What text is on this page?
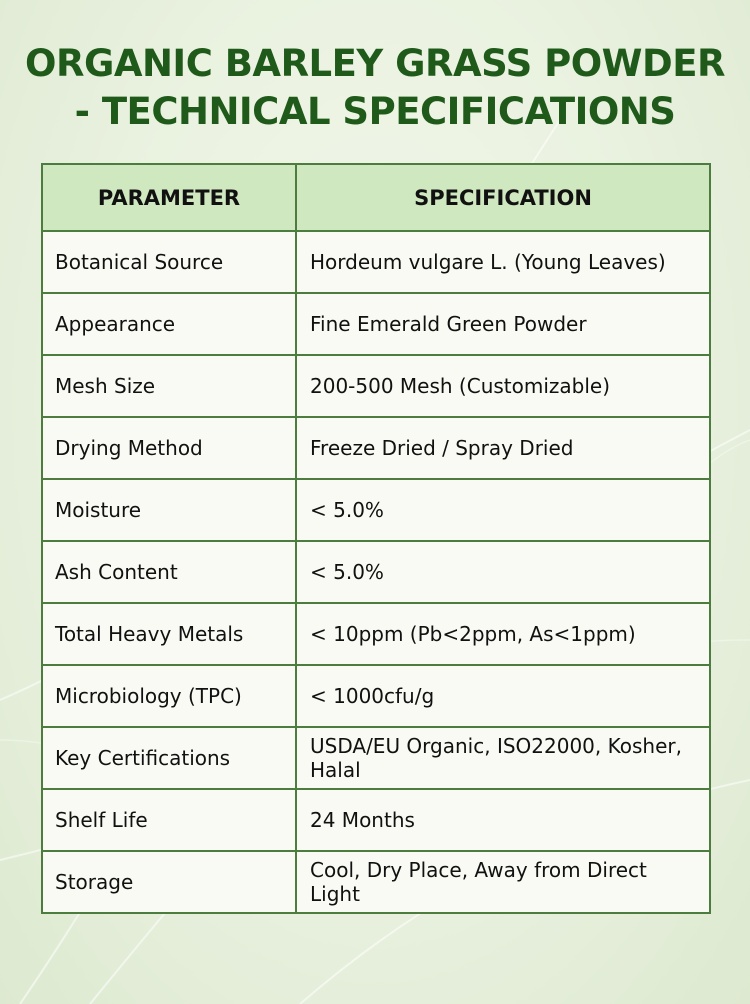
ORGANIC BARLEY GRASS POWDER
- TECHNICAL SPECIFICATIONS
PARAMETER	SPECIFICATION
Botanical Source	Hordeum vulgare L. (Young Leaves)
Appearance	Fine Emerald Green Powder
Mesh Size	200-500 Mesh (Customizable)
Drying Method	Freeze Dried / Spray Dried
Moisture	< 5.0%
Ash Content	< 5.0%
Total Heavy Metals	< 10ppm (Pb<2ppm, As<1ppm)
Microbiology (TPC)	< 1000cfu/g
Key Certifications	USDA/EU Organic, ISO22000, Kosher, Halal
Shelf Life	24 Months
Storage	Cool, Dry Place, Away from Direct Light
